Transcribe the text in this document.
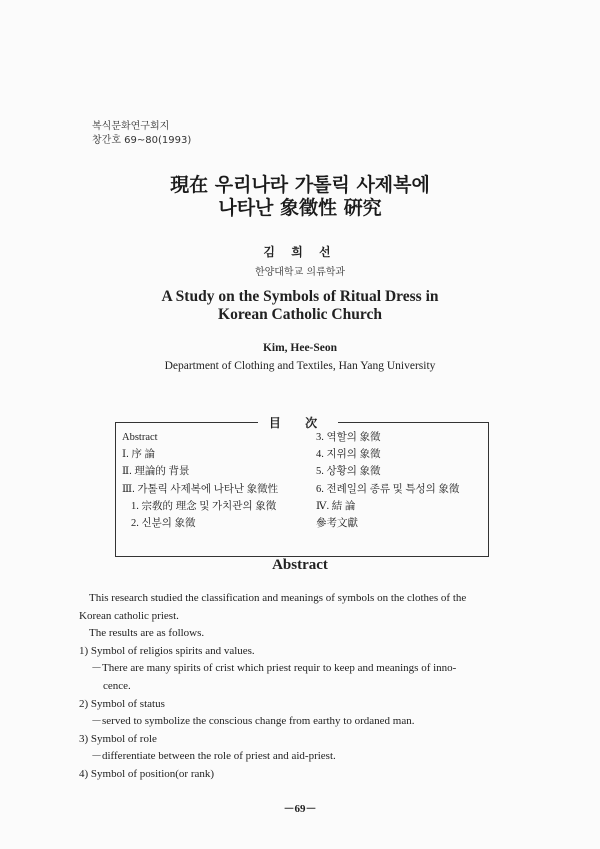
복식문화연구회지
창간호 69~80(1993)
現在 우리나라 가톨릭 사제복에
나타난 象徵性 硏究
김 희 선
한양대학교 의류학과
A Study on the Symbols of Ritual Dress in
Korean Catholic Church
Kim, Hee-Seon
Department of Clothing and Textiles, Han Yang University
目 次
Abstract
Ⅰ. 序 論
Ⅱ. 理論的 背景
Ⅲ. 가톨릭 사제복에 나타난 象徵性
1. 宗敎的 理念 및 가치관의 象徵
2. 신분의 象徵
3. 역할의 象徵
4. 지위의 象徵
5. 상황의 象徵
6. 전례일의 종류 및 특성의 象徵
Ⅳ. 結 論
參考文獻
Abstract
This research studied the classification and meanings of symbols on the clothes of the
Korean catholic priest.
The results are as follows.
1) Symbol of religios spirits and values.
－There are many spirits of crist which priest requir to keep and meanings of inno-
cence.
2) Symbol of status
－served to symbolize the conscious change from earthy to ordaned man.
3) Symbol of role
－differentiate between the role of priest and aid-priest.
4) Symbol of position(or rank)
－69－
